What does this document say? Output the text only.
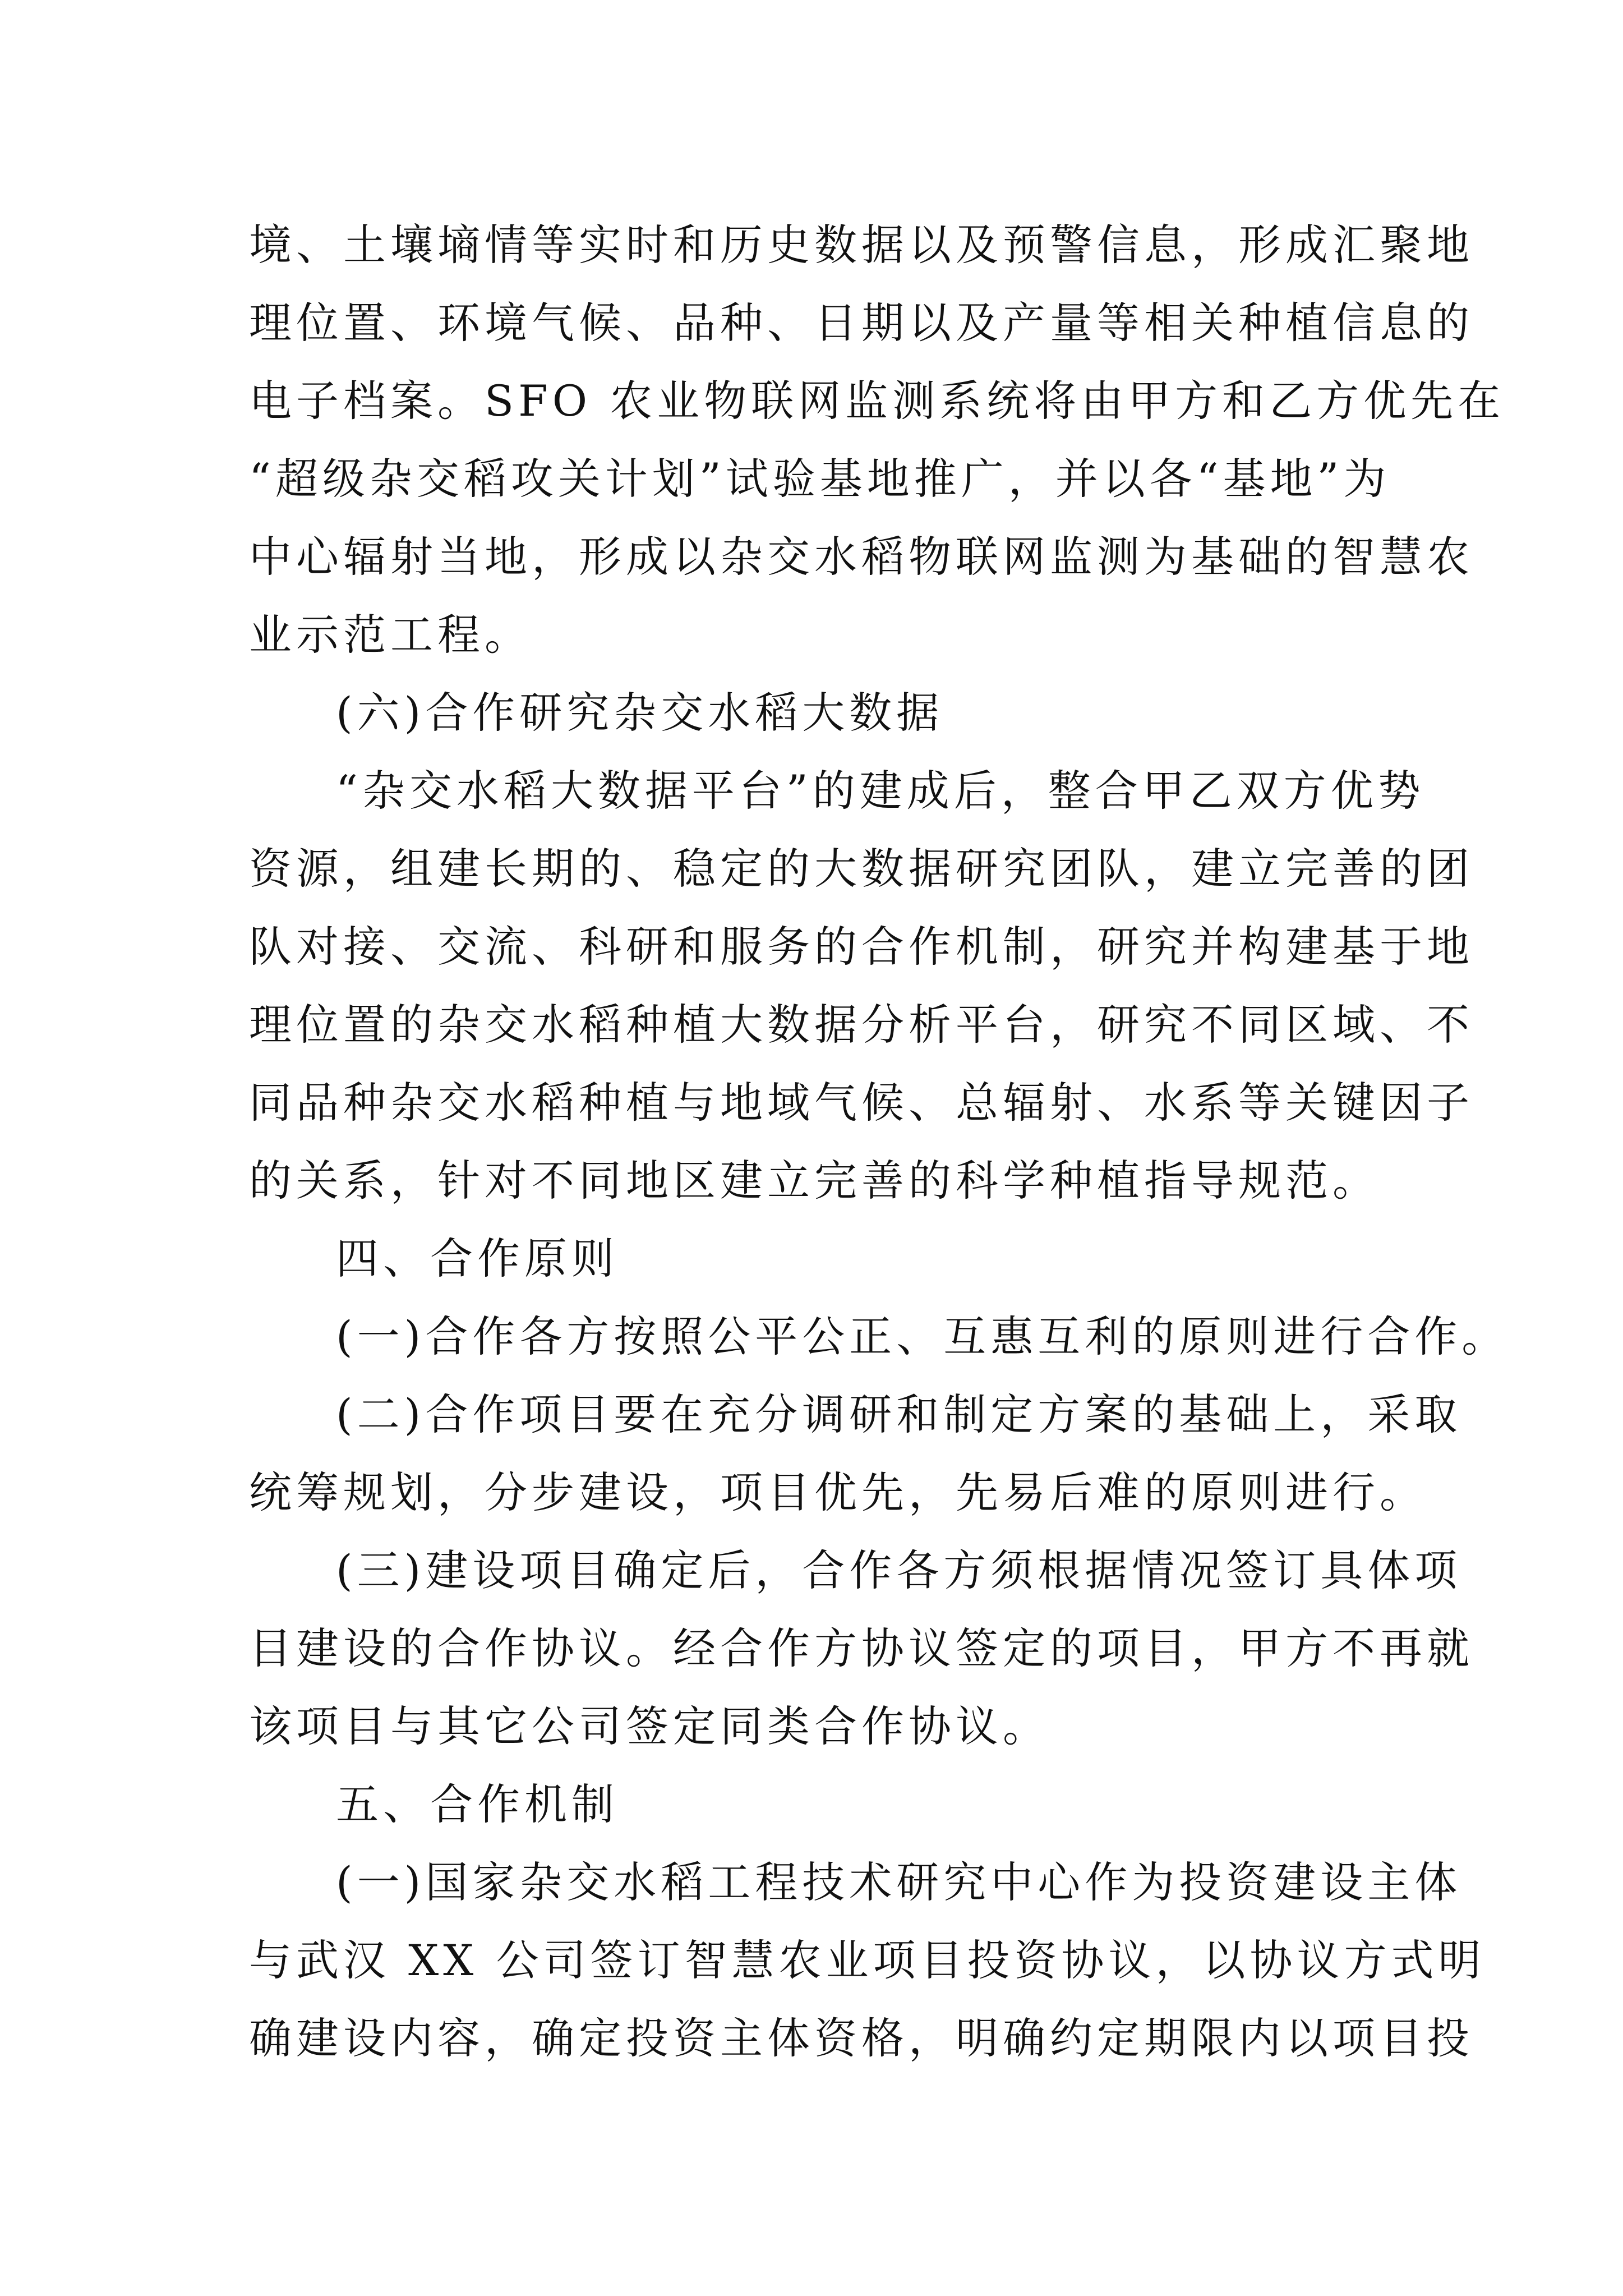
境、土壤墒情等实时和历史数据以及预警信息，形成汇聚地
理位置、环境气候、品种、日期以及产量等相关种植信息的
电子档案。SFO 农业物联网监测系统将由甲方和乙方优先在
“超级杂交稻攻关计划”试验基地推广，并以各“基地”为
中心辐射当地，形成以杂交水稻物联网监测为基础的智慧农
业示范工程。
(六)合作研究杂交水稻大数据
“杂交水稻大数据平台”的建成后，整合甲乙双方优势
资源，组建长期的、稳定的大数据研究团队，建立完善的团
队对接、交流、科研和服务的合作机制，研究并构建基于地
理位置的杂交水稻种植大数据分析平台，研究不同区域、不
同品种杂交水稻种植与地域气候、总辐射、水系等关键因子
的关系，针对不同地区建立完善的科学种植指导规范。
四、合作原则
(一)合作各方按照公平公正、互惠互利的原则进行合作。
(二)合作项目要在充分调研和制定方案的基础上，采取
统筹规划，分步建设，项目优先，先易后难的原则进行。
(三)建设项目确定后，合作各方须根据情况签订具体项
目建设的合作协议。经合作方协议签定的项目，甲方不再就
该项目与其它公司签定同类合作协议。
五、合作机制
(一)国家杂交水稻工程技术研究中心作为投资建设主体
与武汉 XX 公司签订智慧农业项目投资协议，以协议方式明
确建设内容，确定投资主体资格，明确约定期限内以项目投
